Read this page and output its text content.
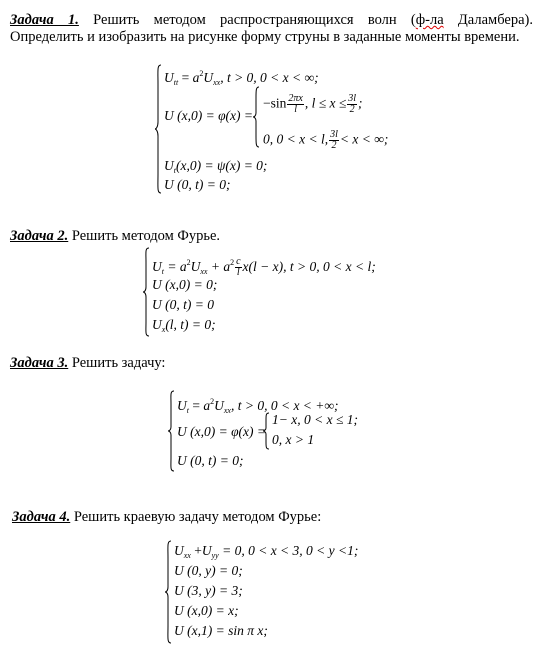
Задача 1. Решить методом распространяющихся волн (ф-ла Даламбера). Определить и изобразить на рисунке форму струны в заданные моменты времени.
$U_{tt} = a^2U_{xx}$, t > 0, 0 < x < ∞;
U (x,0) = φ(x) =
$-\sin \frac{2\pi x}{l}$ , $l \le x \le \frac{3l}{2}$ ;
0, 0 < x < l, $\frac{3l}{2} < x$ < ∞;
$U_t(x,0) = \psi(x) = 0$;
U (0, t) = 0;
Задача 2. Решить методом Фурье.
$U_t = a^2U_{xx} + a^2 \frac{c}{l} x(l - x)$, t > 0, 0 < x < l;
U (x,0) = 0;
U (0, t) = 0
$U_x(l$, t) = 0;
Задача 3. Решить задачу:
$U_t = a^2U_{xx}$, t > 0, 0 < x < +∞;
U (x,0) = φ(x) =
1− x, 0 < x ≤ 1;
0, x > 1
U (0, t) = 0;
Задача 4. Решить краевую задачу методом Фурье:
$U_{xx} +U_{yy} = 0$, 0 < x < 3, 0 < y <1;
U (0, y) = 0;
U (3, y) = 3;
U (x,0) = x;
U (x,1) = sin π x;
